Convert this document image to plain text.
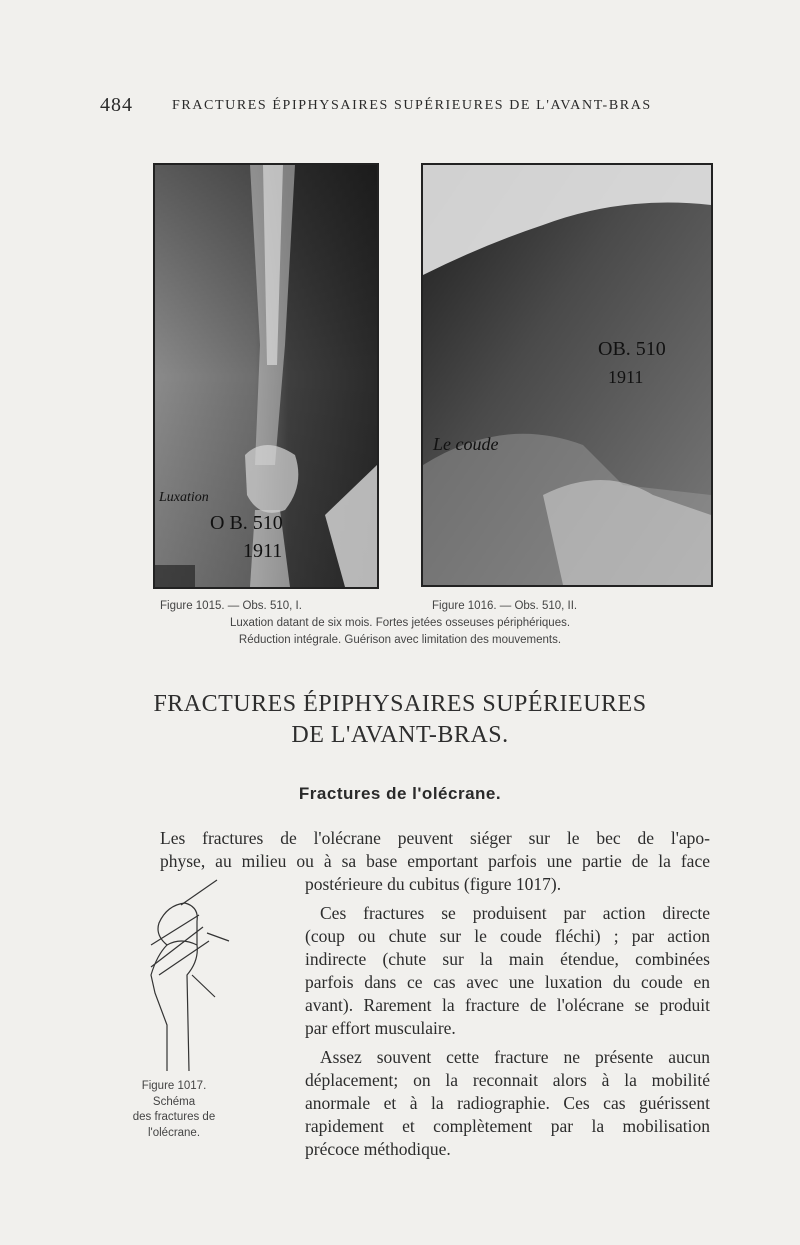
484	FRACTURES ÉPIPHYSAIRES SUPÉRIEURES DE L'AVANT-BRAS
Luxation
O B. 510
1911
OB. 510
1911
Le coude
Figure 1015. — Obs. 510, I.	Figure 1016. — Obs. 510, II.
Luxation datant de six mois. Fortes jetées osseuses périphériques.
Réduction intégrale. Guérison avec limitation des mouvements.
FRACTURES ÉPIPHYSAIRES SUPÉRIEURES
DE L'AVANT-BRAS.
Fractures de l'olécrane.
Les fractures de l'olécrane peuvent siéger sur le bec de l'apo-
physe, au milieu ou à sa base emportant parfois une partie de la face
postérieure du cubitus (figure 1017).
Ces fractures se produisent par action directe
(coup ou chute sur le coude fléchi) ; par action
indirecte (chute sur la main étendue, combinées
parfois dans ce cas avec une luxation du coude en
avant). Rarement la fracture de l'olécrane se produit
par effort musculaire.
Assez souvent cette fracture ne présente aucun
déplacement; on la reconnait alors à la mobilité
anormale et à la radiographie. Ces cas guérissent
rapidement et complètement par la mobilisation
précoce méthodique.
Figure 1017.
Schéma
des fractures de
l'olécrane.
